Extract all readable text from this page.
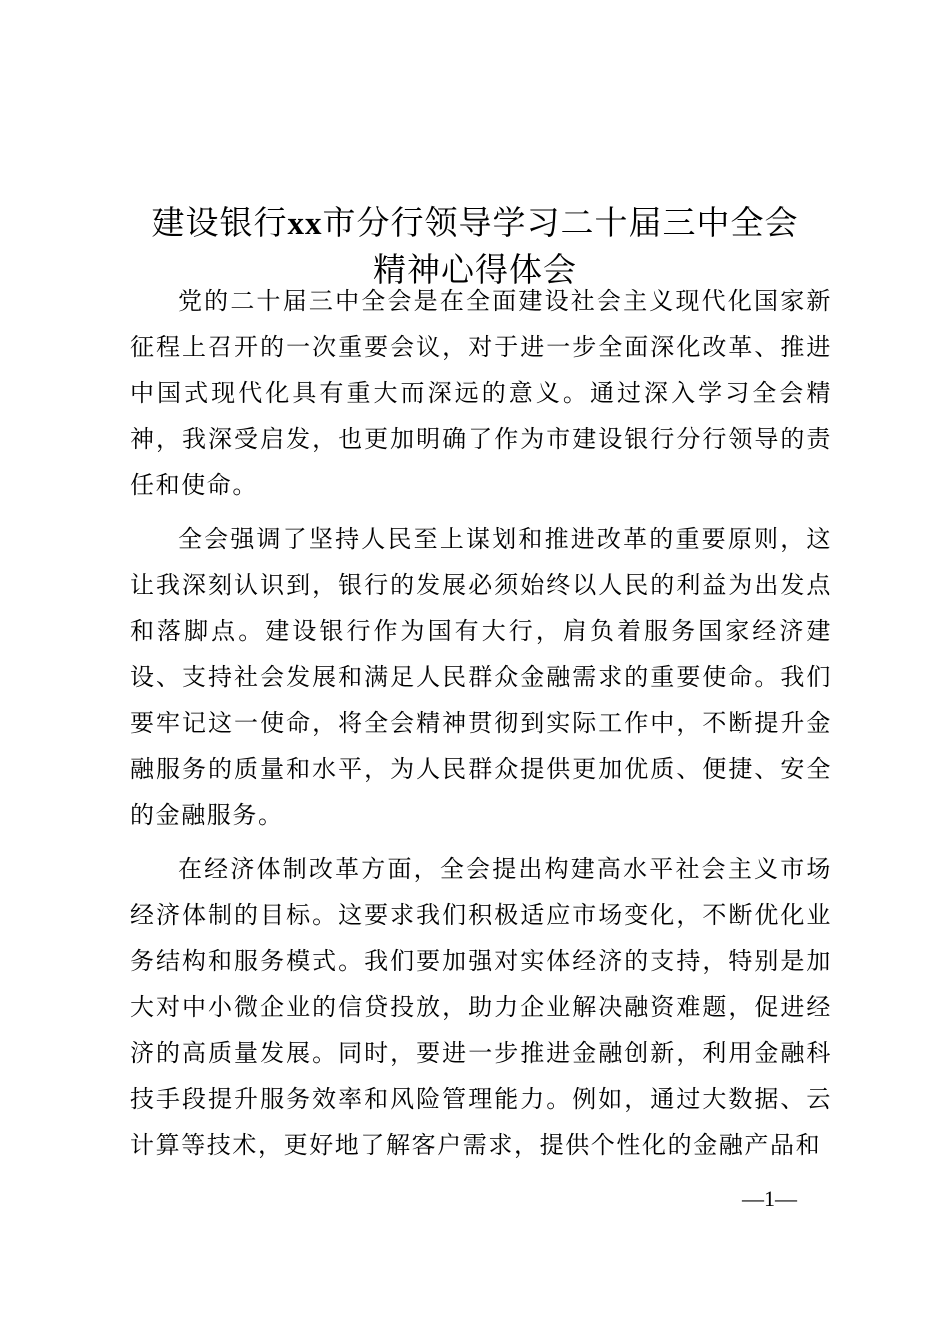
建设银行xx市分行领导学习二十届三中全会
精神心得体会

党的二十届三中全会是在全面建设社会主义现代化国家新征程上召开的一次重要会议，对于进一步全面深化改革、推进中国式现代化具有重大而深远的意义。通过深入学习全会精神，我深受启发，也更加明确了作为市建设银行分行领导的责任和使命。

全会强调了坚持人民至上谋划和推进改革的重要原则，这让我深刻认识到，银行的发展必须始终以人民的利益为出发点和落脚点。建设银行作为国有大行，肩负着服务国家经济建设、支持社会发展和满足人民群众金融需求的重要使命。我们要牢记这一使命，将全会精神贯彻到实际工作中，不断提升金融服务的质量和水平，为人民群众提供更加优质、便捷、安全的金融服务。

在经济体制改革方面，全会提出构建高水平社会主义市场经济体制的目标。这要求我们积极适应市场变化，不断优化业务结构和服务模式。我们要加强对实体经济的支持，特别是加大对中小微企业的信贷投放，助力企业解决融资难题，促进经济的高质量发展。同时，要进一步推进金融创新，利用金融科技手段提升服务效率和风险管理能力。例如，通过大数据、云计算等技术，更好地了解客户需求，提供个性化的金融产品和

—1—
